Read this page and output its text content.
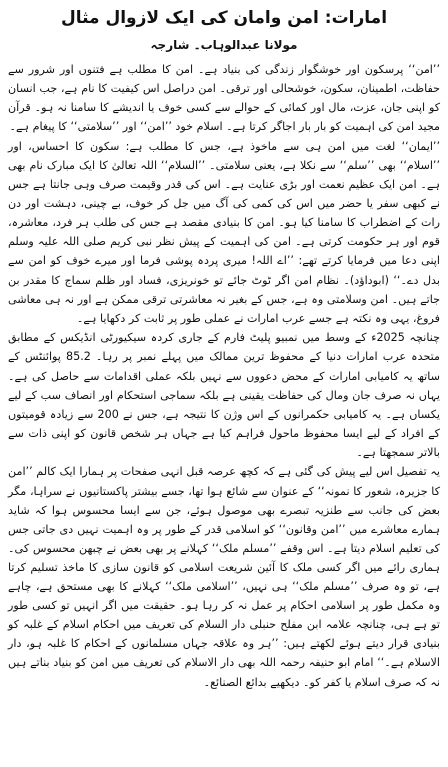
امارات: امن وامان کی ایک لازوال مثال
مولانا عبدالوہاب۔ شارجہ

’’امن‘‘ پرسکون اور خوشگوار زندگی کی بنیاد ہے۔ امن کا مطلب ہے فتنوں اور شرور سے حفاظت، اطمینان، سکون، خوشحالی اور ترقی۔ امن دراصل اس کیفیت کا نام ہے، جب انسان کو اپنی جان، عزت، مال اور کمائی کے حوالے سے کسی خوف یا اندیشے کا سامنا نہ ہو۔ قرآن مجید امن کی اہمیت کو بار بار اجاگر کرتا ہے۔ اسلام خود ’’امن‘‘ اور ’’سلامتی‘‘ کا پیغام ہے۔

’’ایمان‘‘ لغت میں امن ہی سے ماخوذ ہے، جس کا مطلب ہے: سکون کا احساس، اور ’’اسلام‘‘ بھی ’’سلم‘‘ سے نکلا ہے، یعنی سلامتی۔ ’’السلام‘‘ اللہ تعالیٰ کا ایک مبارک نام بھی ہے۔ امن ایک عظیم نعمت اور بڑی عنایت ہے۔ اس کی قدر وقیمت صرف وہی جانتا ہے جس نے کبھی سفر یا حضر میں اس کی کمی کی آگ میں جل کر خوف، بے چینی، دہشت اور دن رات کے اضطراب کا سامنا کیا ہو۔ امن کا بنیادی مقصد ہے جس کی طلب ہر فرد، معاشرہ، قوم اور ہر حکومت کرتی ہے۔ امن کی اہمیت کے پیش نظر نبی کریم صلی اللہ علیہ وسلم اپنی دعا میں فرمایا کرتے تھے: ’’اے اللہ! میری پردہ پوشی فرما اور میرے خوف کو امن سے بدل دے۔‘‘ (ابوداؤد)۔ نظام امن اگر ٹوٹ جائے تو خونریزی، فساد اور ظلم سماج کا مقدر بن جاتے ہیں۔ امن وسلامتی وہ ہے، جس کے بغیر نہ معاشرتی ترقی ممکن ہے اور نہ ہی معاشی فروغ، یہی وہ نکتہ ہے جسے عرب امارات نے عملی طور پر ثابت کر دکھایا ہے۔

چنانچہ 2025ء کے وسط میں نمبیو پلیٹ فارم کے جاری کردہ سیکیورٹی انڈیکس کے مطابق متحدہ عرب امارات دنیا کے محفوظ ترین ممالک میں پہلے نمبر پر رہا۔ 85.2 پوائنٹس کے ساتھ یہ کامیابی امارات کے محض دعووں سے نہیں بلکہ عملی اقدامات سے حاصل کی ہے۔ یہاں نہ صرف جان ومال کی حفاظت یقینی ہے بلکہ سماجی استحکام اور انصاف سب کے لیے یکساں ہے۔ یہ کامیابی حکمرانوں کے اس وژن کا نتیجہ ہے، جس نے 200 سے زیادہ قومیتوں کے افراد کے لیے ایسا محفوظ ماحول فراہم کیا ہے جہاں ہر شخص قانون کو اپنی ذات سے بالاتر سمجھتا ہے۔

یہ تفصیل اس لیے پیش کی گئی ہے کہ کچھ عرصہ قبل انہی صفحات پر ہمارا ایک کالم ’’امن کا جزیرہ، شعور کا نمونہ‘‘ کے عنوان سے شائع ہوا تھا، جسے بیشتر پاکستانیوں نے سراہا، مگر بعض کی جانب سے طنزیہ تبصرے بھی موصول ہوئے، جن سے ایسا محسوس ہوا کہ شاید ہمارے معاشرے میں ’’امن وقانون‘‘ کو اسلامی قدر کے طور پر وہ اہمیت نہیں دی جاتی جس کی تعلیم اسلام دیتا ہے۔ اس وقفے ’’مسلم ملک‘‘ کہلانے پر بھی بعض نے چبھن محسوس کی۔ ہماری رائے میں اگر کسی ملک کا آئین شریعت اسلامی کو قانون سازی کا ماخذ تسلیم کرتا ہے، تو وہ صرف ’’مسلم ملک‘‘ ہی نہیں، ’’اسلامی ملک‘‘ کہلانے کا بھی مستحق ہے، چاہے وہ مکمل طور پر اسلامی احکام پر عمل نہ کر رہا ہو۔ حقیقت میں اگر انہیں تو کسی طور تو ہے ہی، چنانچہ علامہ ابن مفلح حنبلی دار السلام کی تعریف میں احکام اسلام کے غلبہ کو بنیادی قرار دیتے ہوئے لکھتے ہیں: ’’ہر وہ علاقہ جہاں مسلمانوں کے احکام کا غلبہ ہو، دار الاسلام ہے۔‘‘ امام ابو حنیفہ رحمہ اللہ بھی دار الاسلام کی تعریف میں امن کو بنیاد بناتے ہیں نہ کہ صرف اسلام یا کفر کو۔ دیکھیے بدائع الصنائع۔
